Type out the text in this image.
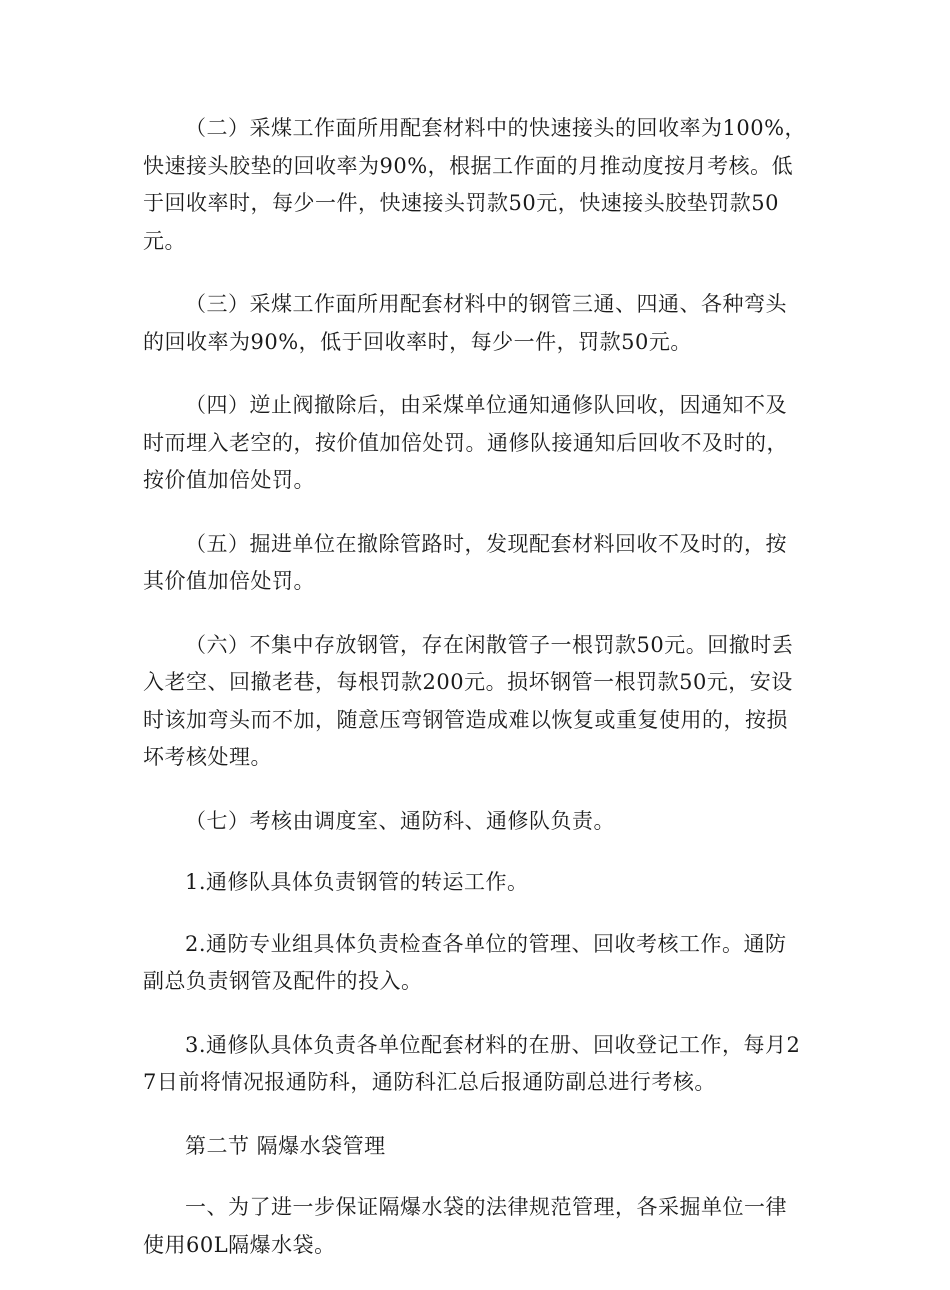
（二）采煤工作面所用配套材料中的快速接头的回收率为100%，快速接头胶垫的回收率为90%，根据工作面的月推动度按月考核。低于回收率时，每少一件，快速接头罚款50元，快速接头胶垫罚款50元。

（三）采煤工作面所用配套材料中的钢管三通、四通、各种弯头的回收率为90%，低于回收率时，每少一件，罚款50元。

（四）逆止阀撤除后，由采煤单位通知通修队回收，因通知不及时而埋入老空的，按价值加倍处罚。通修队接通知后回收不及时的，按价值加倍处罚。

（五）掘进单位在撤除管路时，发现配套材料回收不及时的，按其价值加倍处罚。

（六）不集中存放钢管，存在闲散管子一根罚款50元。回撤时丢入老空、回撤老巷，每根罚款200元。损坏钢管一根罚款50元，安设时该加弯头而不加，随意压弯钢管造成难以恢复或重复使用的，按损坏考核处理。

（七）考核由调度室、通防科、通修队负责。

1.通修队具体负责钢管的转运工作。

2.通防专业组具体负责检查各单位的管理、回收考核工作。通防副总负责钢管及配件的投入。

3.通修队具体负责各单位配套材料的在册、回收登记工作，每月27日前将情况报通防科，通防科汇总后报通防副总进行考核。

第二节 隔爆水袋管理

一、为了进一步保证隔爆水袋的法律规范管理，各采掘单位一律使用60L隔爆水袋。
